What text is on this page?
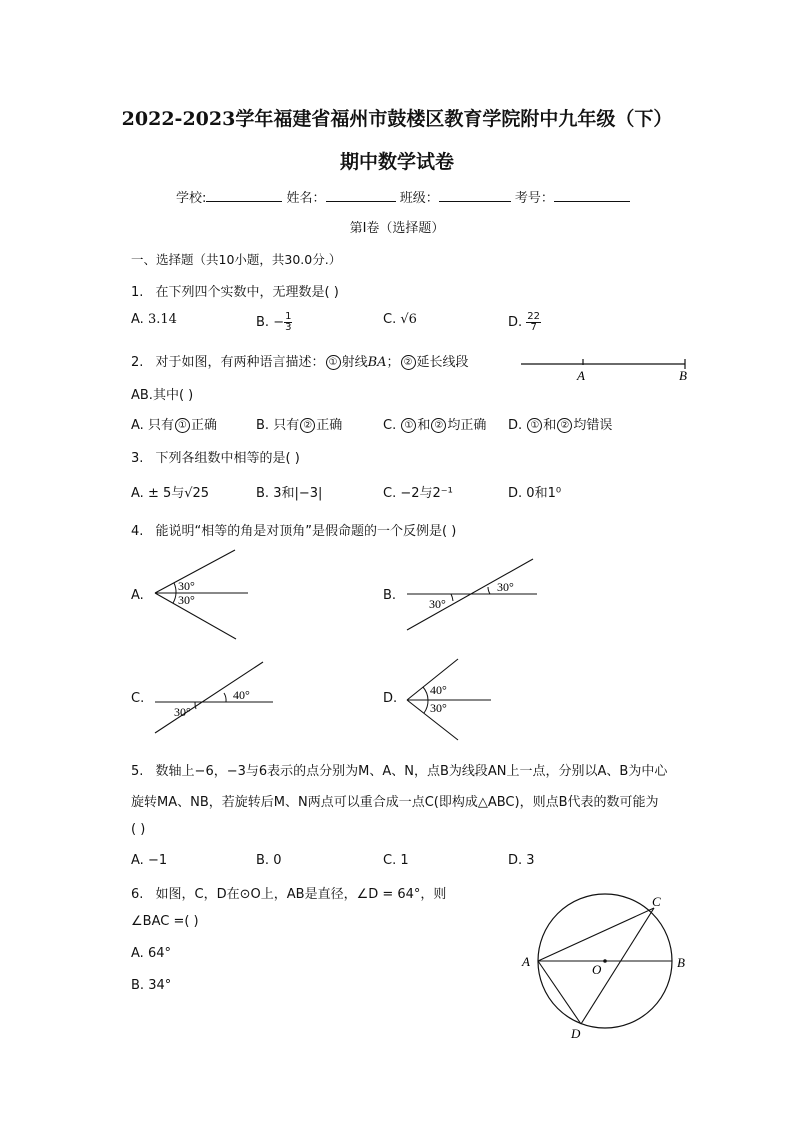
2022-2023学年福建省福州市鼓楼区教育学院附中九年级（下）
期中数学试卷
学校:	姓名：	班级：	考号：
第Ⅰ卷（选择题）
一、选择题（共10小题，共30.0分.）
1. 在下列四个实数中，无理数是( )
A. 3.14	B. − $\frac{1}{3}$	C. √6	D. $\frac{22}{7}$
2. 对于如图，有两种语言描述： ① 射线BA； ② 延长线段
AB.其中( )
A	B
A. 只有 ① 正确	B. 只有 ② 正确	C. ① 和 ② 均正确 D. ① 和 ② 均错误
3. 下列各组数中相等的是( )
A. ± 5与√25	B. 3和|−3|	C. −2与2⁻¹	D. 0和1⁰
4. 能说明“相等的角是对顶角”是假命题的一个反例是( )
A.
30°
30°	B.
30°
30°
C.	40°
30°
D.
40°
30°
5. 数轴上−6，−3与6表示的点分别为M、A、N，点B为线段AN上一点，分别以A、B为中心
旋转MA、NB，若旋转后M、N两点可以重合成一点C(即构成△ABC)，则点B代表的数可能为
( )
A. −1	B. 0	C. 1	D. 3
6. 如图，C，D在⊙O上，AB是直径，∠D = 64°，则
∠BAC =( )
A. 64°
B. 34°
A	B
C
D
O
